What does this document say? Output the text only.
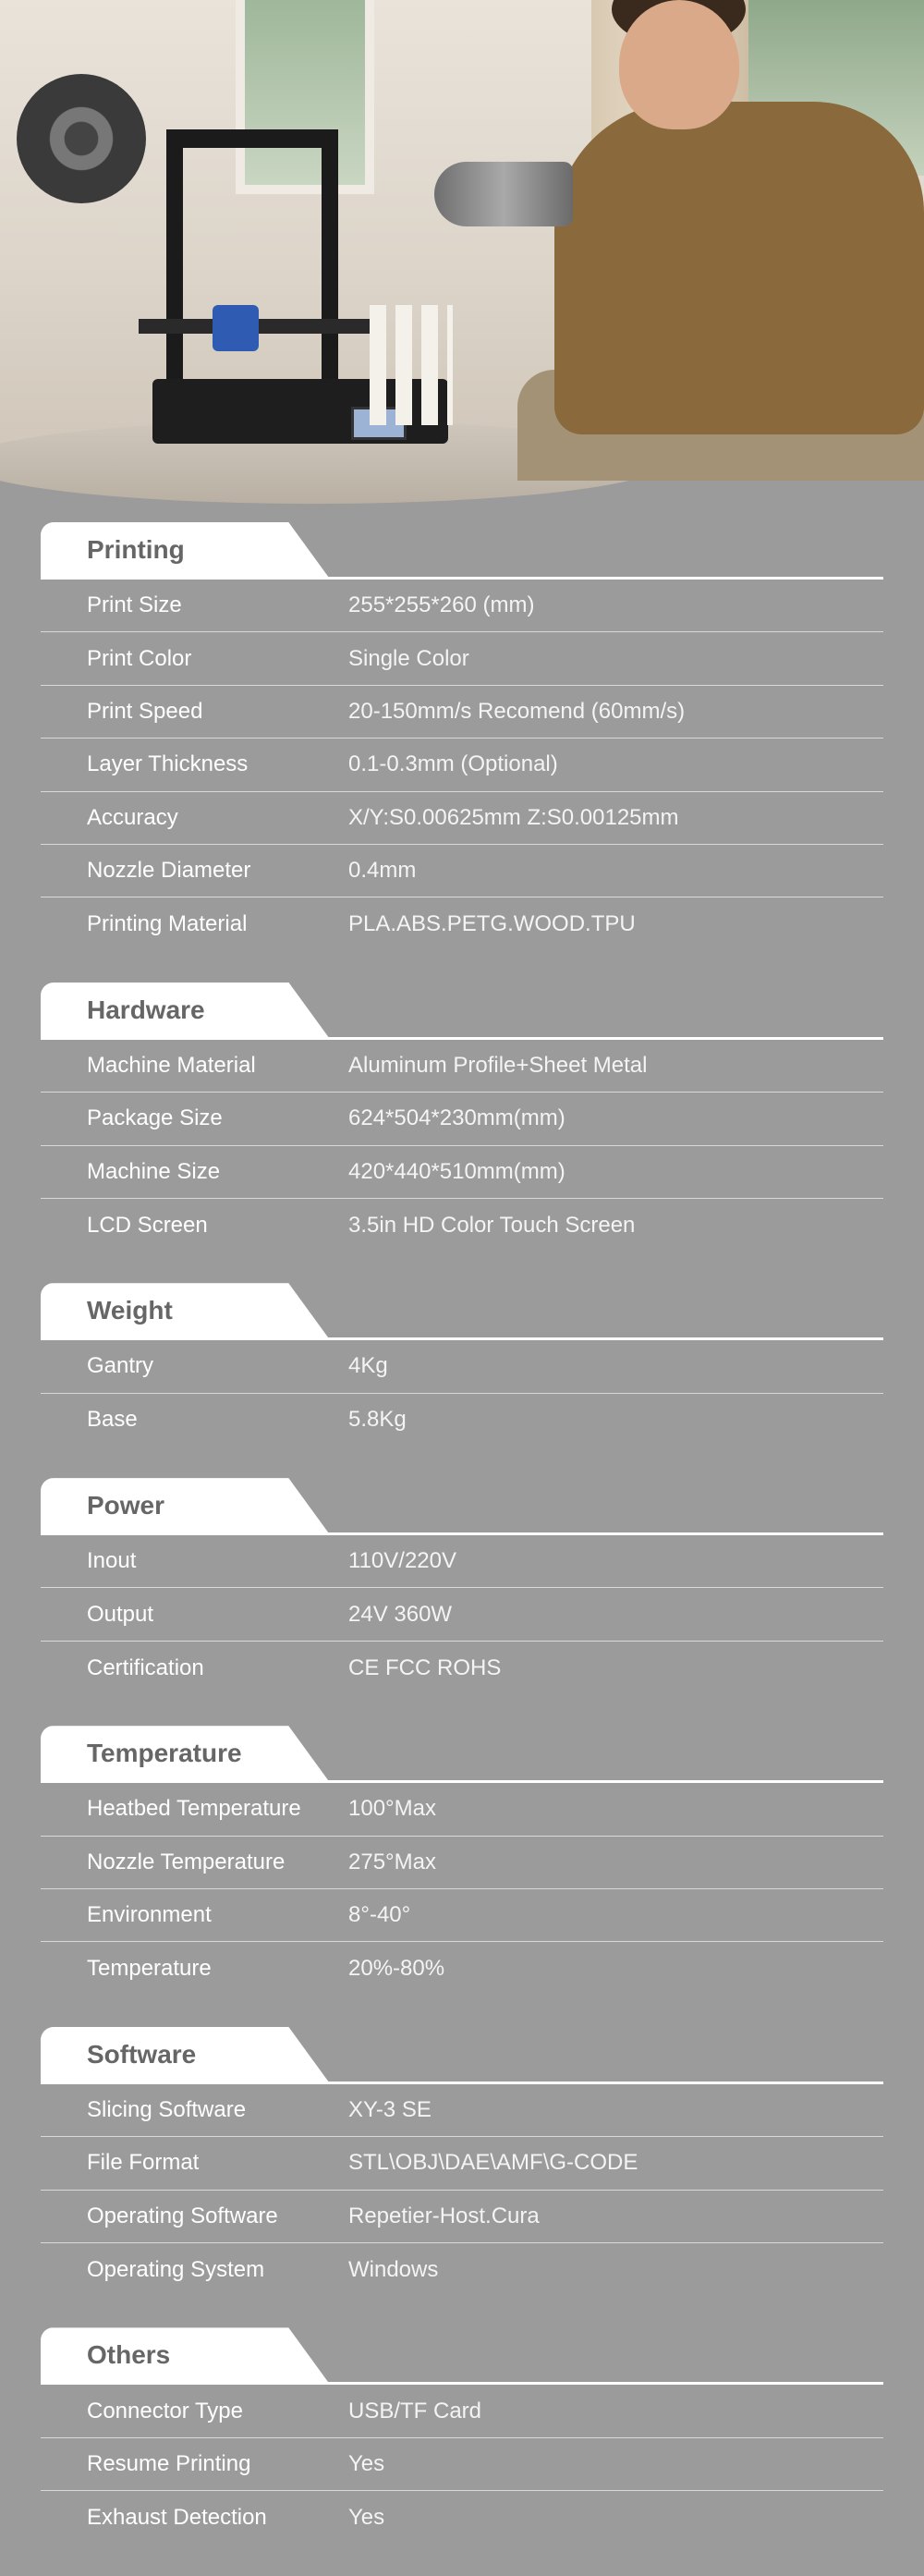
Printing
Print Size	255*255*260 (mm)
Print Color	Single Color
Print Speed	20-150mm/s Recomend (60mm/s)
Layer Thickness	0.1-0.3mm (Optional)
Accuracy	X/Y:S0.00625mm Z:S0.00125mm
Nozzle Diameter	0.4mm
Printing Material	PLA.ABS.PETG.WOOD.TPU
Hardware
Machine Material	Aluminum Profile+Sheet Metal
Package Size	624*504*230mm(mm)
Machine Size	420*440*510mm(mm)
LCD Screen	3.5in HD Color Touch Screen
Weight
Gantry	4Kg
Base	5.8Kg
Power
Inout	110V/220V
Output	24V 360W
Certification	CE FCC ROHS
Temperature
Heatbed Temperature	100°Max
Nozzle Temperature	275°Max
Environment	8°-40°
Temperature	20%-80%
Software
Slicing Software	XY-3 SE
File Format	STL\OBJ\DAE\AMF\G-CODE
Operating Software	Repetier-Host.Cura
Operating System	Windows
Others
Connector Type	USB/TF Card
Resume Printing	Yes
Exhaust Detection	Yes
